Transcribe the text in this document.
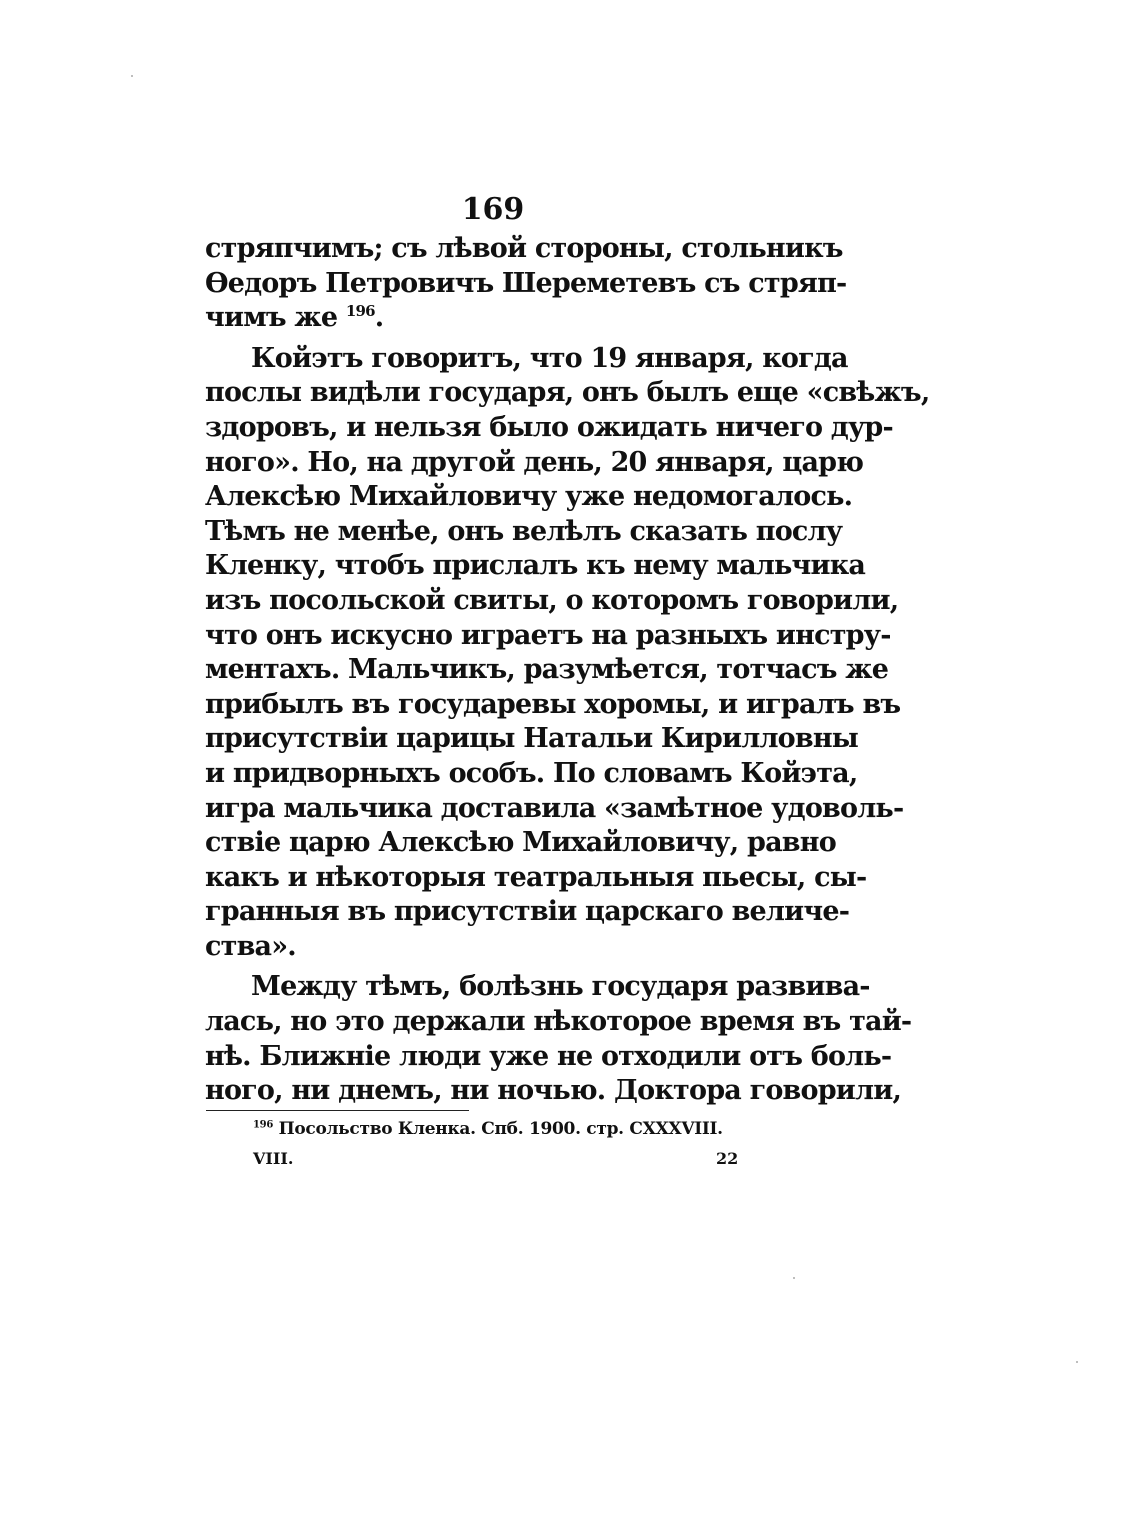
169
стряпчимъ; съ лѣвой стороны, стольникъ
Ѳедоръ Петровичъ Шереметевъ съ стряп-
чимъ же $^{196}$.
Койэтъ говоритъ, что 19 января, когда
послы видѣли государя, онъ былъ еще «свѣжъ,
здоровъ, и нельзя было ожидать ничего дур-
ного». Но, на другой день, 20 января, царю
Алексѣю Михайловичу уже недомогалось.
Тѣмъ не менѣе, онъ велѣлъ сказать послу
Кленку, чтобъ прислалъ къ нему мальчика
изъ посольской свиты, о которомъ говорили,
что онъ искусно играетъ на разныхъ инстру-
ментахъ. Мальчикъ, разумѣется, тотчасъ же
прибылъ въ государевы хоромы, и игралъ въ
присутствіи царицы Натальи Кирилловны
и придворныхъ особъ. По словамъ Койэта,
игра мальчика доставила «замѣтное удоволь-
ствіе царю Алексѣю Михайловичу, равно
какъ и нѣкоторыя театральныя пьесы, сы-
гранныя въ присутствіи царскаго величе-
ства».
Между тѣмъ, болѣзнь государя развива-
лась, но это держали нѣкоторое время въ тай-
нѣ. Ближніе люди уже не отходили отъ боль-
ного, ни днемъ, ни ночью. Доктора говорили,
$^{196}$ Посольство Кленка. Спб. 1900. стр. CXXXVIII.
VIII.	22
